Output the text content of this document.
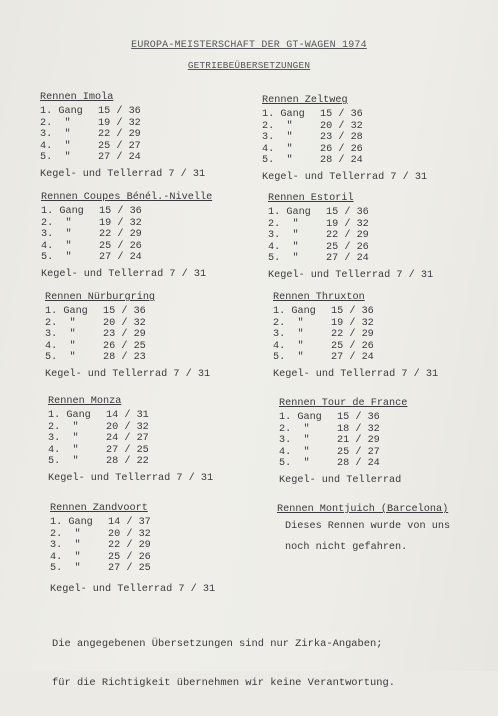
EUROPA-MEISTERSCHAFT DER GT-WAGEN 1974
GETRIEBEÜBERSETZUNGEN
Rennen Imola
1. Gang	15 / 36
2.  "	19 / 32
3.  "	22 / 29
4.  "	25 / 27
5.  "	27 / 24
Kegel- und Tellerrad 7 / 31
Rennen Zeltweg
1. Gang	15 / 36
2.  "	20 / 32
3.  "	23 / 28
4.  "	26 / 26
5.  "	28 / 24
Kegel- und Tellerrad 7 / 31
Rennen Coupes Bénél.-Nivelle
1. Gang	15 / 36
2.  "	19 / 32
3.  "	22 / 29
4.  "	25 / 26
5.  "	27 / 24
Kegel- und Tellerrad 7 / 31
Rennen Estoril
1. Gang	15 / 36
2.  "	19 / 32
3.  "	22 / 29
4.  "	25 / 26
5.  "	27 / 24
Kegel- und Tellerrad 7 / 31
Rennen Nürburgring
1. Gang	15 / 36
2.  "	20 / 32
3.  "	23 / 29
4.  "	26 / 25
5.  "	28 / 23
Kegel- und Tellerrad 7 / 31
Rennen Thruxton
1. Gang	15 / 36
2.  "	19 / 32
3.  "	22 / 29
4.  "	25 / 26
5.  "	27 / 24
Kegel- und Tellerrad 7 / 31
Rennen Monza
1. Gang	14 / 31
2.  "	20 / 32
3.  "	24 / 27
4.  "	27 / 25
5.  "	28 / 22
Kegel- und Tellerrad 7 / 31
Rennen Tour de France
1. Gang	15 / 36
2.  "	18 / 32
3.  "	21 / 29
4.  "	25 / 27
5.  "	28 / 24
Kegel- und Tellerrad
Rennen Zandvoort
1. Gang	14 / 37
2.  "	20 / 32
3.  "	22 / 29
4.  "	25 / 26
5.  "	27 / 25
Kegel- und Tellerrad 7 / 31
Rennen Montjuich (Barcelona)
Dieses Rennen wurde von uns
noch nicht gefahren.

Die angegebenen Übersetzungen sind nur Zirka-Angaben;

für die Richtigkeit übernehmen wir keine Verantwortung.
